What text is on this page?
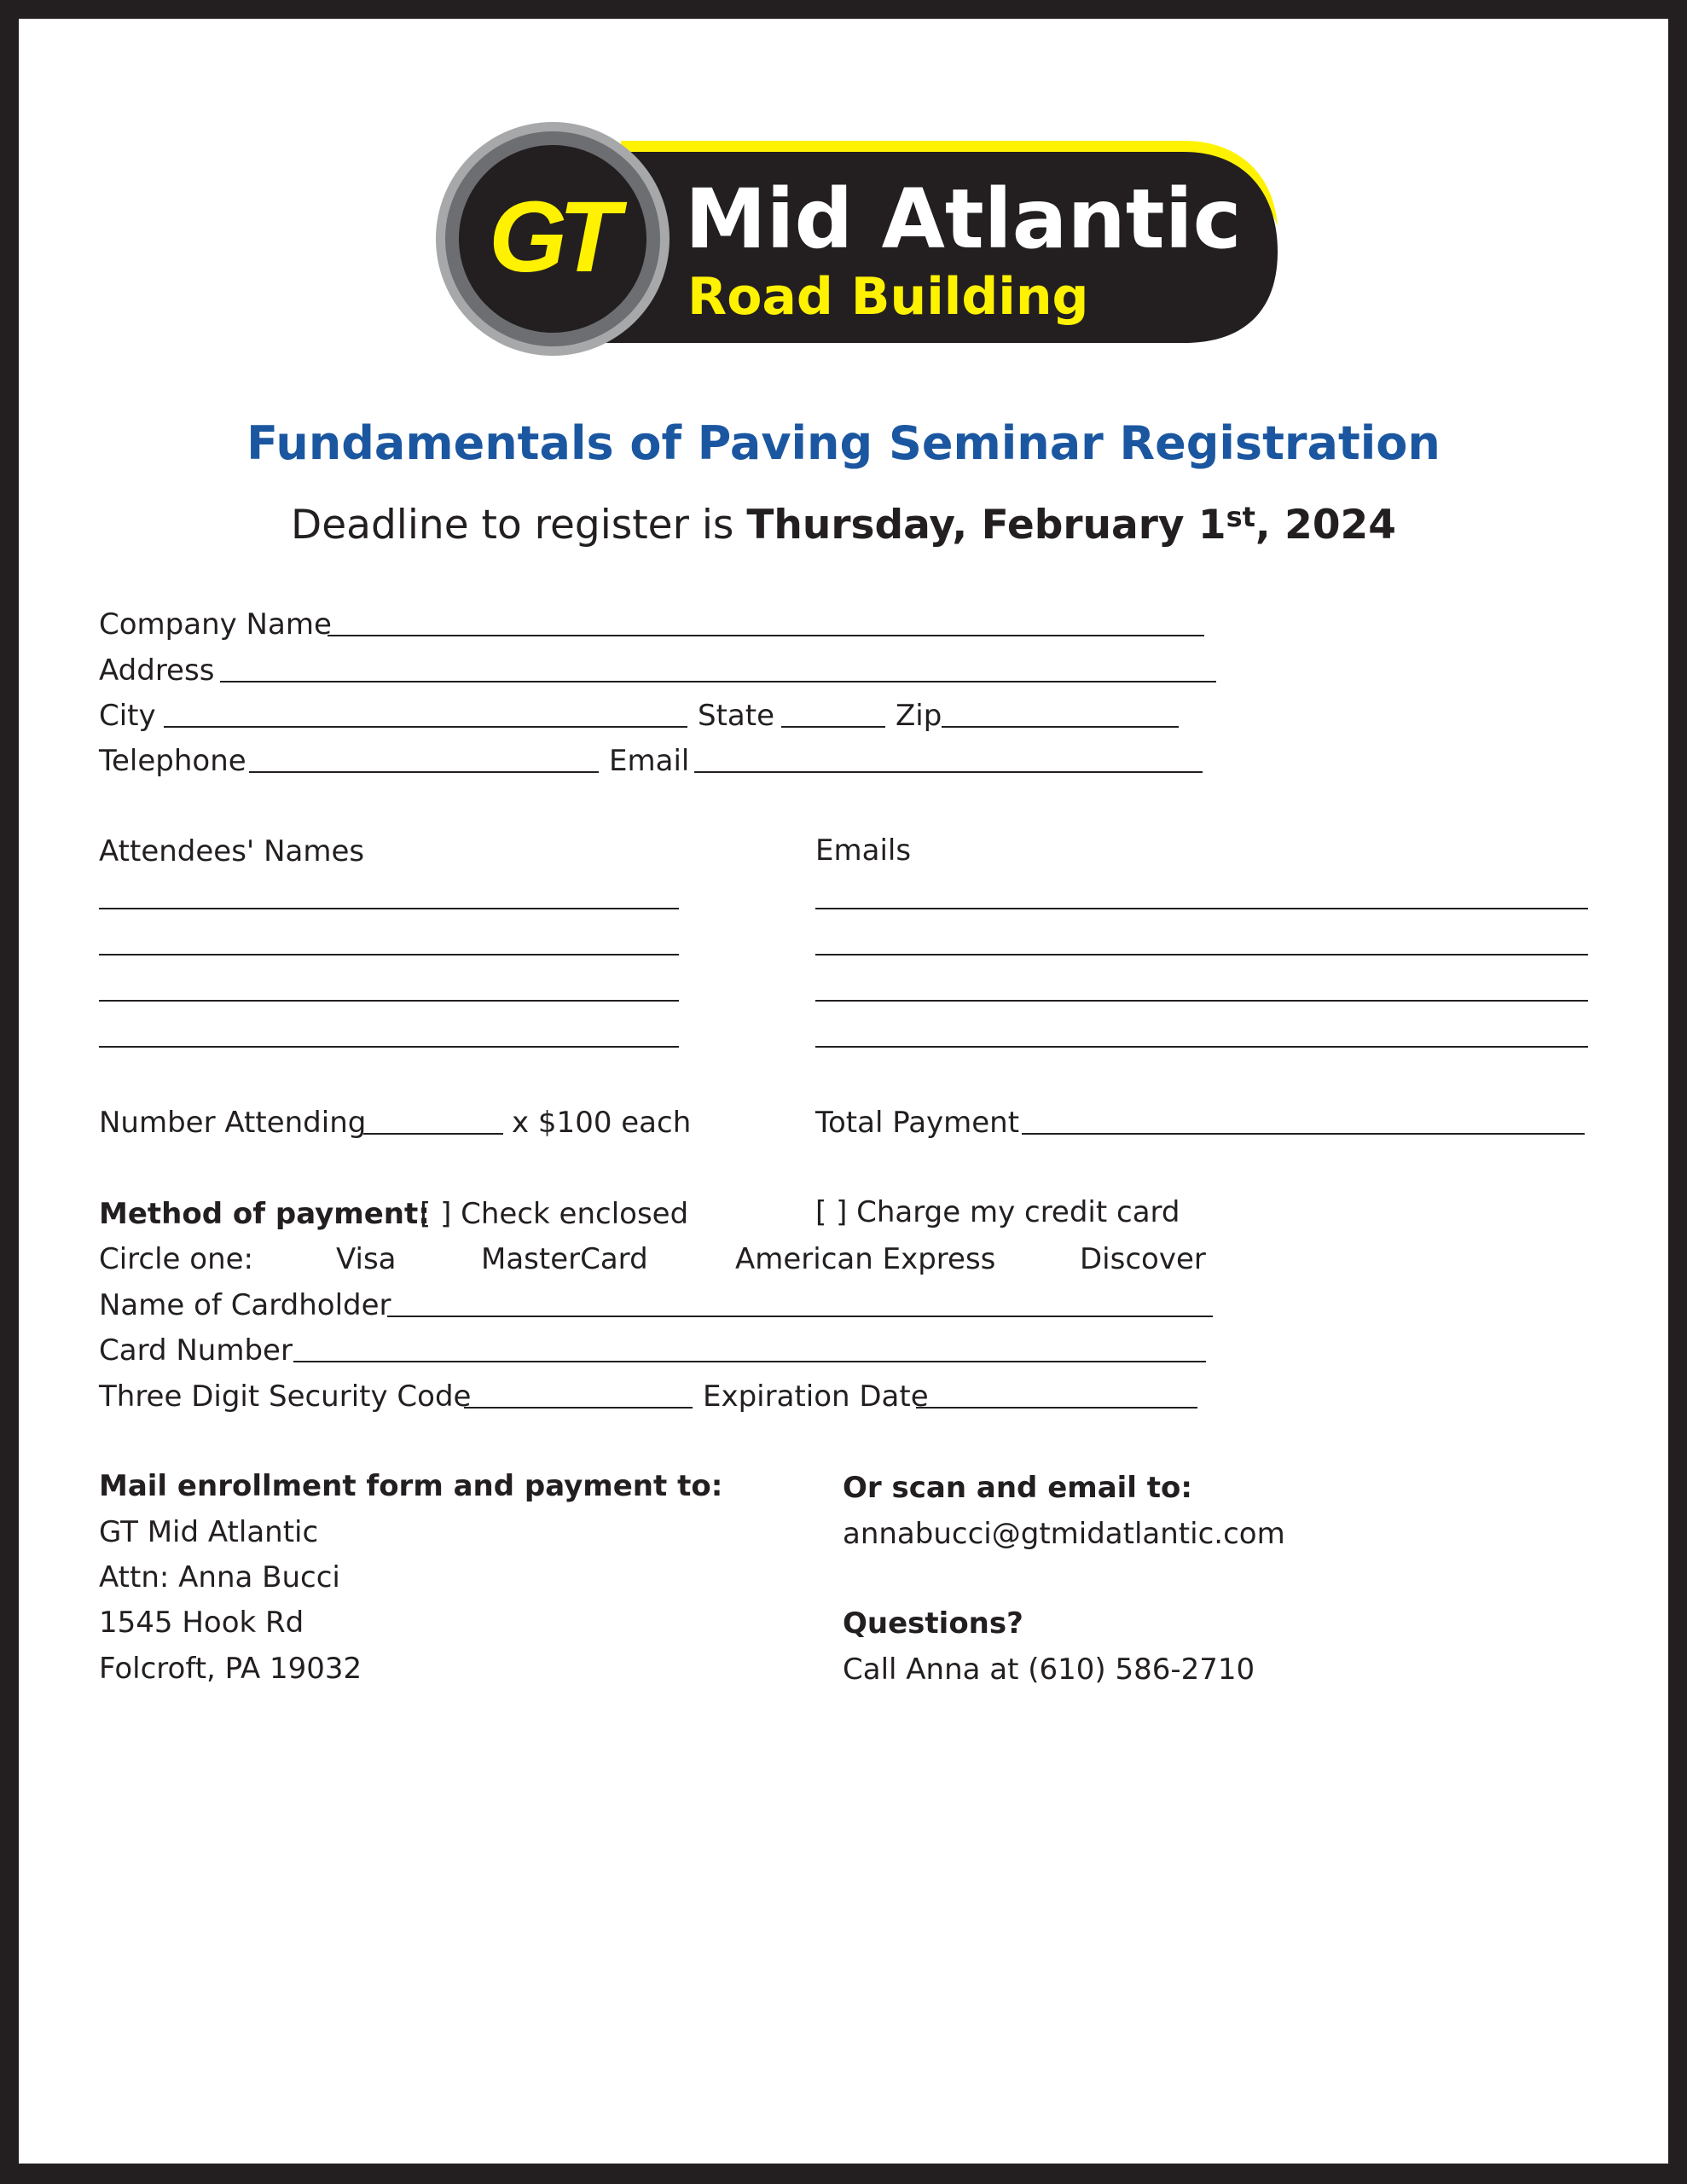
GT Mid Atlantic
Road Building
Fundamentals of Paving Seminar Registration
Deadline to register is Thursday, February 1st, 2024
Company Name
Address
City	State	Zip
Telephone	Email
Attendees' Names	Emails
Number Attending	x $100 each	Total Payment
Method of payment:
[ ] Check enclosed	[ ] Charge my credit card
Circle one:	Visa	MasterCard	American Express	Discover
Name of Cardholder
Card Number
Three Digit Security Code	Expiration Date
Mail enrollment form and payment to:
GT Mid Atlantic
Attn: Anna Bucci
1545 Hook Rd
Folcroft, PA 19032
Or scan and email to:
annabucci@gtmidatlantic.com
Questions?
Call Anna at (610) 586-2710
